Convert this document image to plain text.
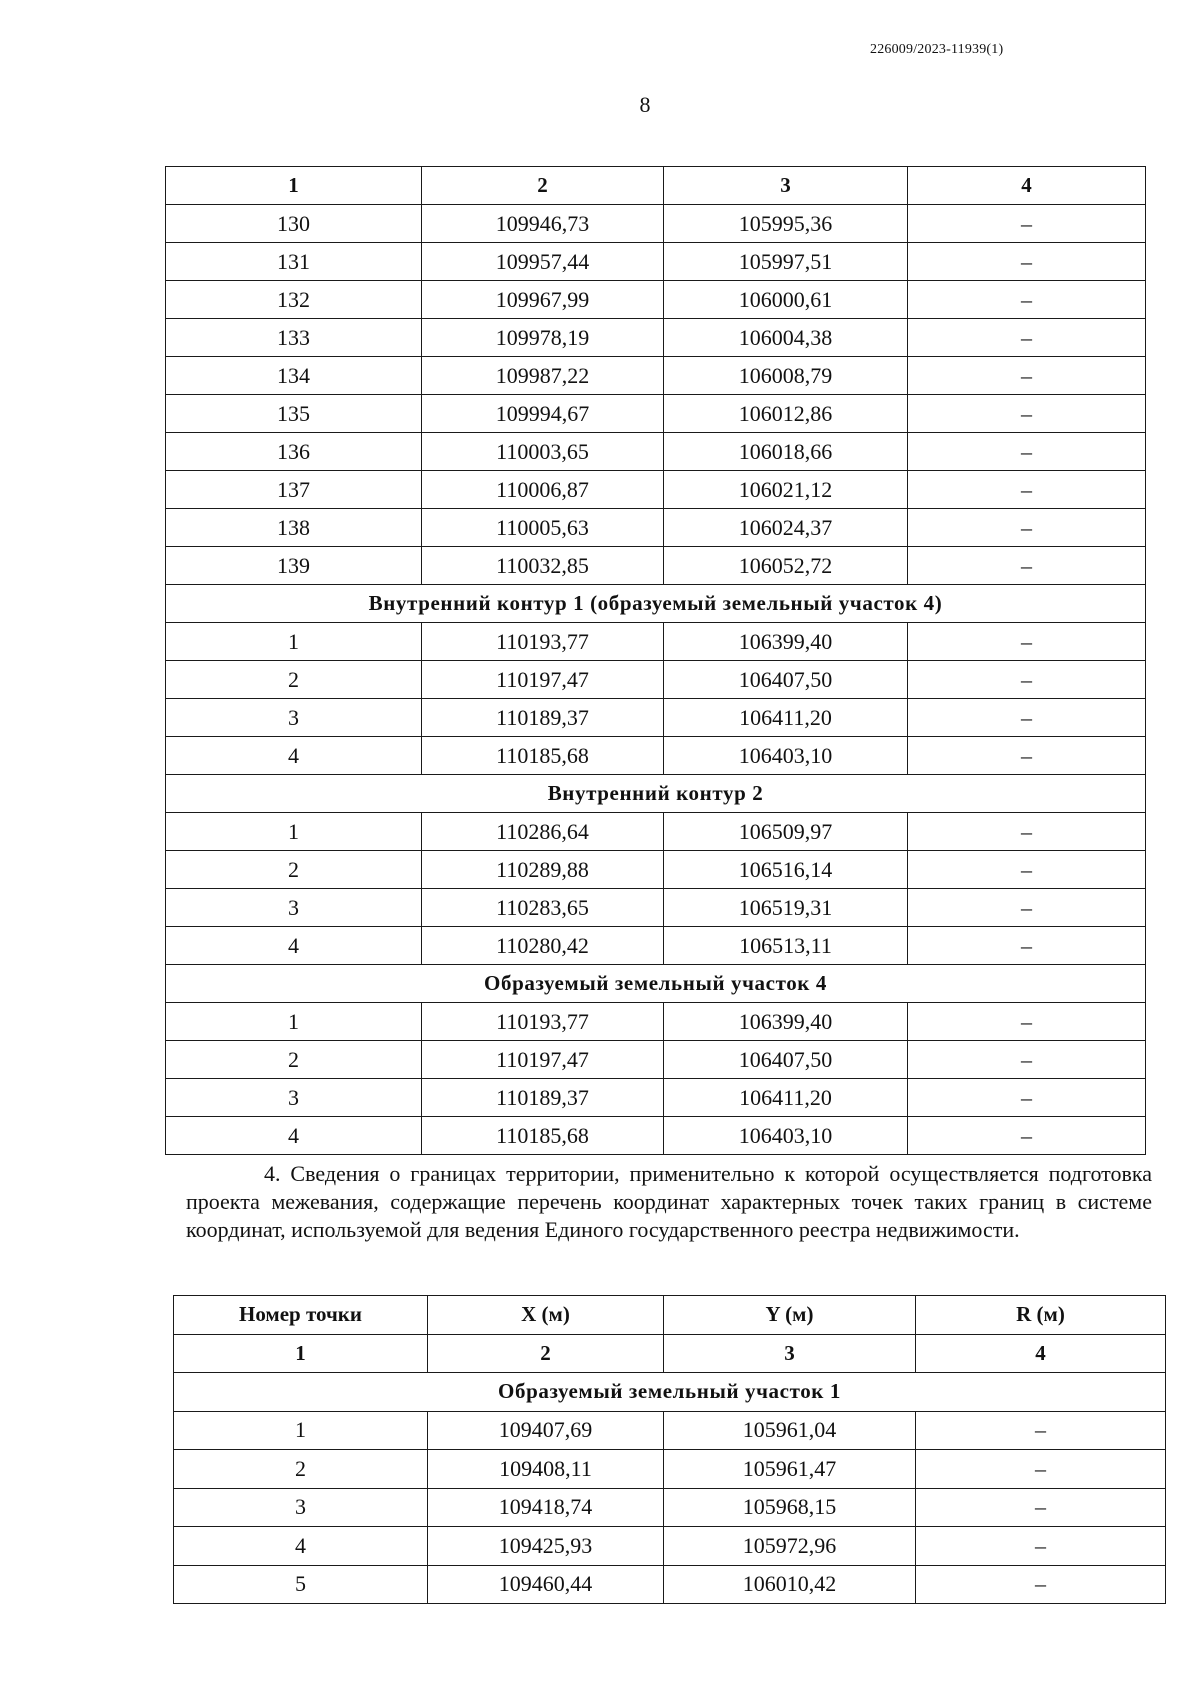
226009/2023-11939(1)
8
1	2	3	4
130	109946,73	105995,36	–
131	109957,44	105997,51	–
132	109967,99	106000,61	–
133	109978,19	106004,38	–
134	109987,22	106008,79	–
135	109994,67	106012,86	–
136	110003,65	106018,66	–
137	110006,87	106021,12	–
138	110005,63	106024,37	–
139	110032,85	106052,72	–
Внутренний контур 1 (образуемый земельный участок 4)			
1	110193,77	106399,40	–
2	110197,47	106407,50	–
3	110189,37	106411,20	–
4	110185,68	106403,10	–
Внутренний контур 2			
1	110286,64	106509,97	–
2	110289,88	106516,14	–
3	110283,65	106519,31	–
4	110280,42	106513,11	–
Образуемый земельный участок 4			
1	110193,77	106399,40	–
2	110197,47	106407,50	–
3	110189,37	106411,20	–
4	110185,68	106403,10	–

4. Сведения о границах территории, применительно к которой осуществляется подготовка проекта межевания, содержащие перечень координат характерных точек таких границ в системе координат, используемой для ведения Единого государственного реестра недвижимости.

Номер точки	X (м)	Y (м)	R (м)
1	2	3	4
Образуемый земельный участок 1			
1	109407,69	105961,04	–
2	109408,11	105961,47	–
3	109418,74	105968,15	–
4	109425,93	105972,96	–
5	109460,44	106010,42	–
